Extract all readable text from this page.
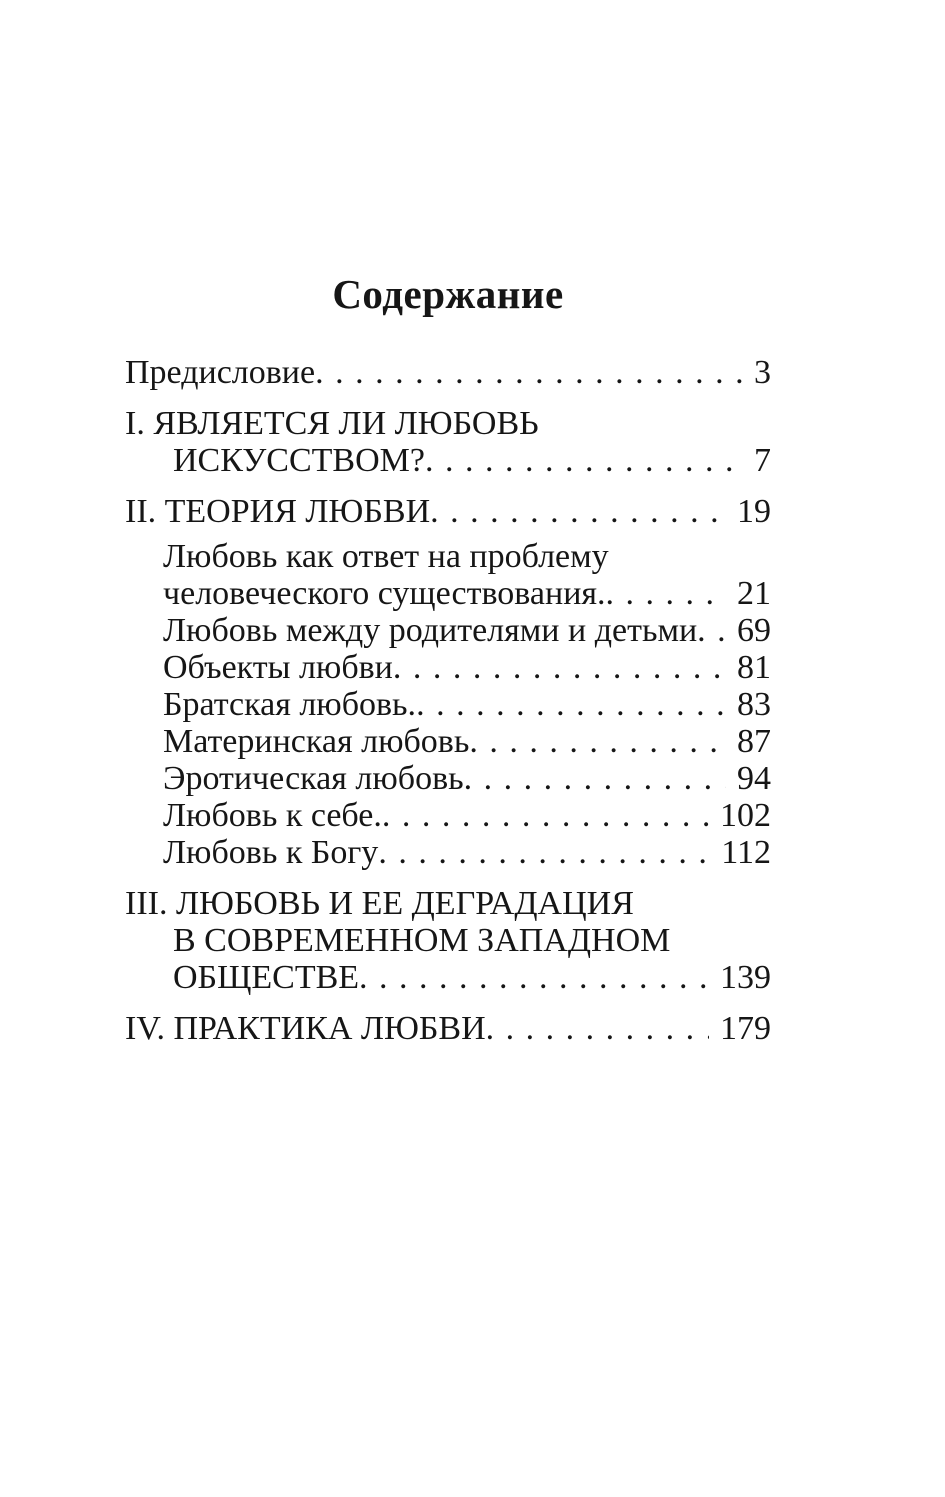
Содержание
Предисловие . . .	3
I. ЯВЛЯЕТСЯ ЛИ ЛЮБОВЬ
ИСКУССТВОМ? . . .	7
II. ТЕОРИЯ ЛЮБВИ . . .	19
Любовь как ответ на проблему
человеческого существования. . . .	21
Любовь между родителями и детьми . . . 69
Объекты любви . . .	81
Братская любовь. . . .	83
Материнская любовь . . .	87
Эротическая любовь . . .	94
Любовь к себе. . . .	102
Любовь к Богу . . .	112
III. ЛЮБОВЬ И ЕЕ ДЕГРАДАЦИЯ
В СОВРЕМЕННОМ ЗАПАДНОМ
ОБЩЕСТВЕ . . .	139
IV. ПРАКТИКА ЛЮБВИ . . .	179
